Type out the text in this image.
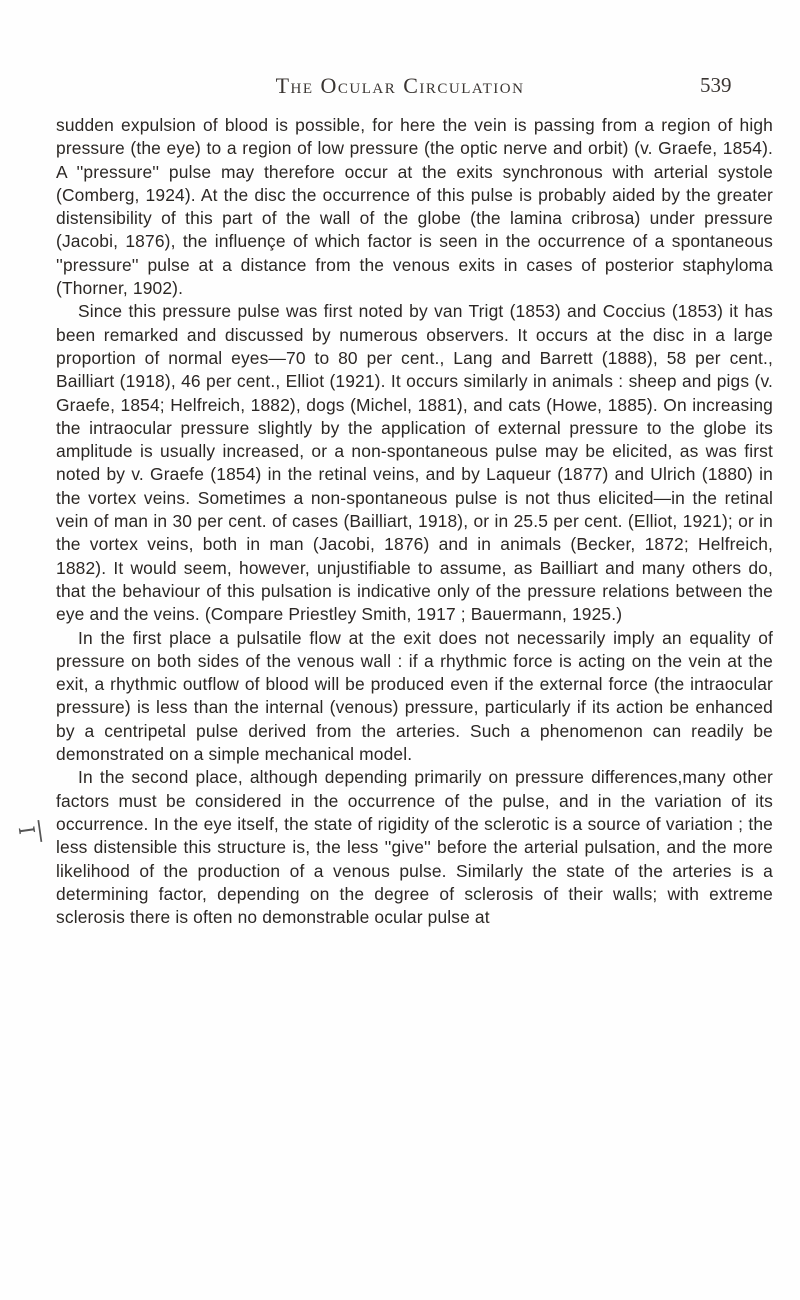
The Ocular Circulation	539
ꟷ|

sudden expulsion of blood is possible, for here the vein is passing from a region of high pressure (the eye) to a region of low pressure (the optic nerve and orbit) (v. Graefe, 1854). A ''pressure'' pulse may therefore occur at the exits synchronous with arterial systole (Comberg, 1924). At the disc the occurrence of this pulse is probably aided by the greater distensibility of this part of the wall of the globe (the lamina cribrosa) under pressure (Jacobi, 1876), the influençe of which factor is seen in the occurrence of a spontaneous ''pressure'' pulse at a distance from the venous exits in cases of posterior staphyloma (Thorner, 1902).

Since this pressure pulse was first noted by van Trigt (1853) and Coccius (1853) it has been remarked and discussed by numerous observers. It occurs at the disc in a large proportion of normal eyes—70 to 80 per cent., Lang and Barrett (1888), 58 per cent., Bailliart (1918), 46 per cent., Elliot (1921). It occurs similarly in animals : sheep and pigs (v. Graefe, 1854; Helfreich, 1882), dogs (Michel, 1881), and cats (Howe, 1885). On increasing the intraocular pressure slightly by the application of external pressure to the globe its amplitude is usually increased, or a non-spontaneous pulse may be elicited, as was first noted by v. Graefe (1854) in the retinal veins, and by Laqueur (1877) and Ulrich (1880) in the vortex veins. Sometimes a non-spontaneous pulse is not thus elicited—in the retinal vein of man in 30 per cent. of cases (Bailliart, 1918), or in 25.5 per cent. (Elliot, 1921); or in the vortex veins, both in man (Jacobi, 1876) and in animals (Becker, 1872; Helfreich, 1882). It would seem, however, unjustifiable to assume, as Bailliart and many others do, that the behaviour of this pulsation is indicative only of the pressure relations between the eye and the veins. (Compare Priestley Smith, 1917 ; Bauermann, 1925.)

In the first place a pulsatile flow at the exit does not necessarily imply an equality of pressure on both sides of the venous wall : if a rhythmic force is acting on the vein at the exit, a rhythmic outflow of blood will be produced even if the external force (the intraocular pressure) is less than the internal (venous) pressure, particularly if its action be enhanced by a centripetal pulse derived from the arteries. Such a phenomenon can readily be demonstrated on a simple mechanical model.

In the second place, although depending primarily on pressure differences,many other factors must be considered in the occurrence of the pulse, and in the variation of its occurrence. In the eye itself, the state of rigidity of the sclerotic is a source of variation ; the less distensible this structure is, the less ''give'' before the arterial pulsation, and the more likelihood of the production of a venous pulse. Similarly the state of the arteries is a determining factor, depending on the degree of sclerosis of their walls; with extreme sclerosis there is often no demonstrable ocular pulse at
